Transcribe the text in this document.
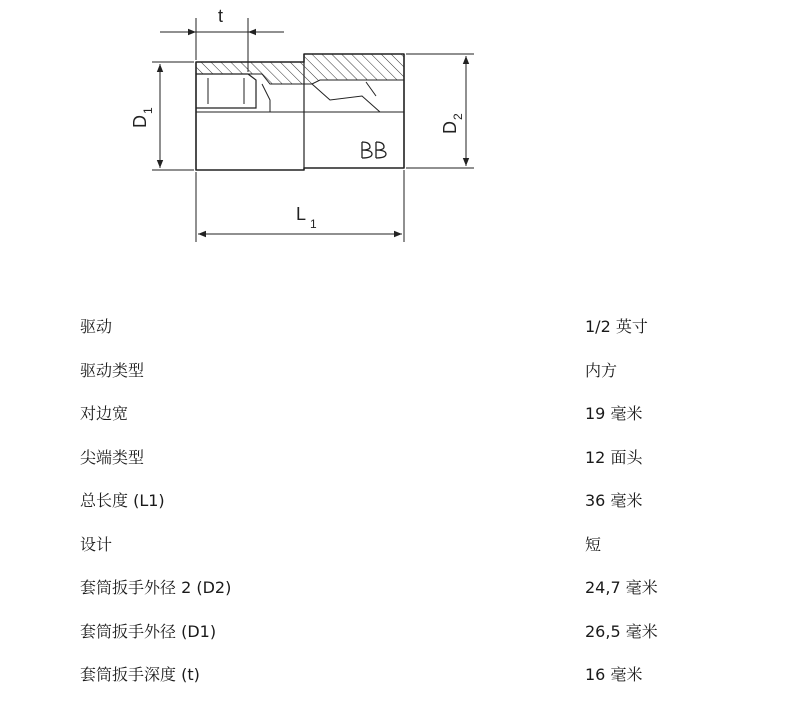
t
D
1
D
2
L 1
驱动	1/2 英寸
驱动类型	内方
对边宽	19 毫米
尖端类型	12 面头
总长度 (L1)	36 毫米
设计	短
套筒扳手外径 2 (D2)	24,7 毫米
套筒扳手外径 (D1)	26,5 毫米
套筒扳手深度 (t)	16 毫米
